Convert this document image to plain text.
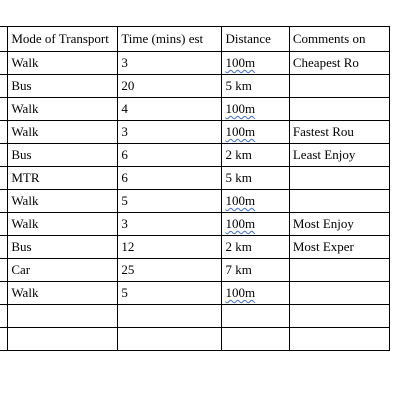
	Mode of Transport	Time (mins) est	Distance	Comments on
	Walk	3	100m	Cheapest Ro
	Bus	20	5 km	
	Walk	4	100m	
	Walk	3	100m	Fastest Rou
	Bus	6	2 km	Least Enjoy
	MTR	6	5 km	
	Walk	5	100m	
	Walk	3	100m	Most Enjoy
	Bus	12	2 km	Most Exper
	Car	25	7 km	
	Walk	5	100m	
